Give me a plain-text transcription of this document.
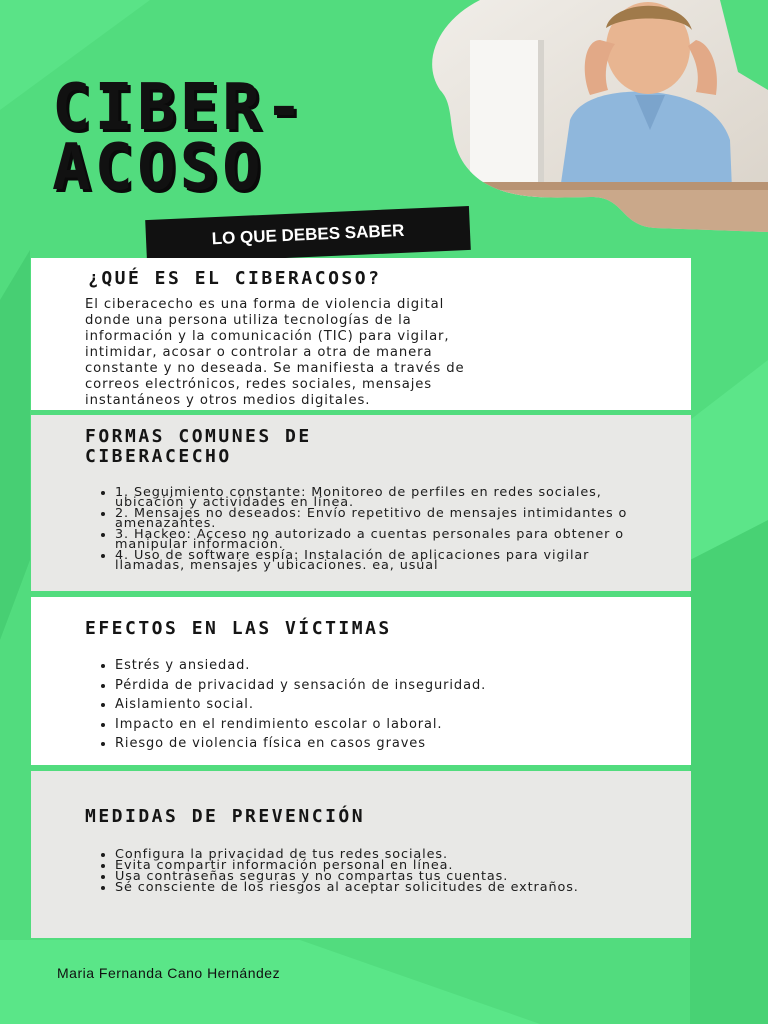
CIBER-
ACOSO
LO QUE DEBES SABER
¿QUÉ ES EL CIBERACOSO?

El ciberacecho es una forma de violencia digital
donde una persona utiliza tecnologías de la
información y la comunicación (TIC) para vigilar,
intimidar, acosar o controlar a otra de manera
constante y no deseada. Se manifiesta a través de
correos electrónicos, redes sociales, mensajes
instantáneos y otros medios digitales.

FORMAS COMUNES DE CIBERACECHO
• 1. Seguimiento constante: Monitoreo de perfiles en redes sociales, ubicación y actividades en línea.
• 2. Mensajes no deseados: Envío repetitivo de mensajes intimidantes o amenazantes.
• 3. Hackeo: Acceso no autorizado a cuentas personales para obtener o manipular información.
• 4. Uso de software espía: Instalación de aplicaciones para vigilar llamadas, mensajes y ubicaciones. ea, usual
EFECTOS EN LAS VÍCTIMAS
• Estrés y ansiedad.
• Pérdida de privacidad y sensación de inseguridad.
• Aislamiento social.
• Impacto en el rendimiento escolar o laboral.
• Riesgo de violencia física en casos graves
MEDIDAS DE PREVENCIÓN
• Configura la privacidad de tus redes sociales.
• Evita compartir información personal en línea.
• Usa contraseñas seguras y no compartas tus cuentas.
• Sé consciente de los riesgos al aceptar solicitudes de extraños.
Maria Fernanda Cano Hernández
